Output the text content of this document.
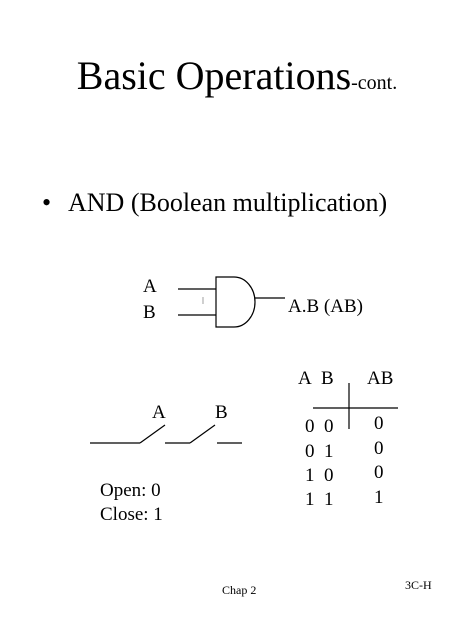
Basic Operations-cont.
• AND (Boolean multiplication)
A
B	A.B (AB)
A B AB
0 0 0
0 1 0
1 0 0
1 1 1
A	B
Open: 0
Close: 1
Chap 2	3C-H
